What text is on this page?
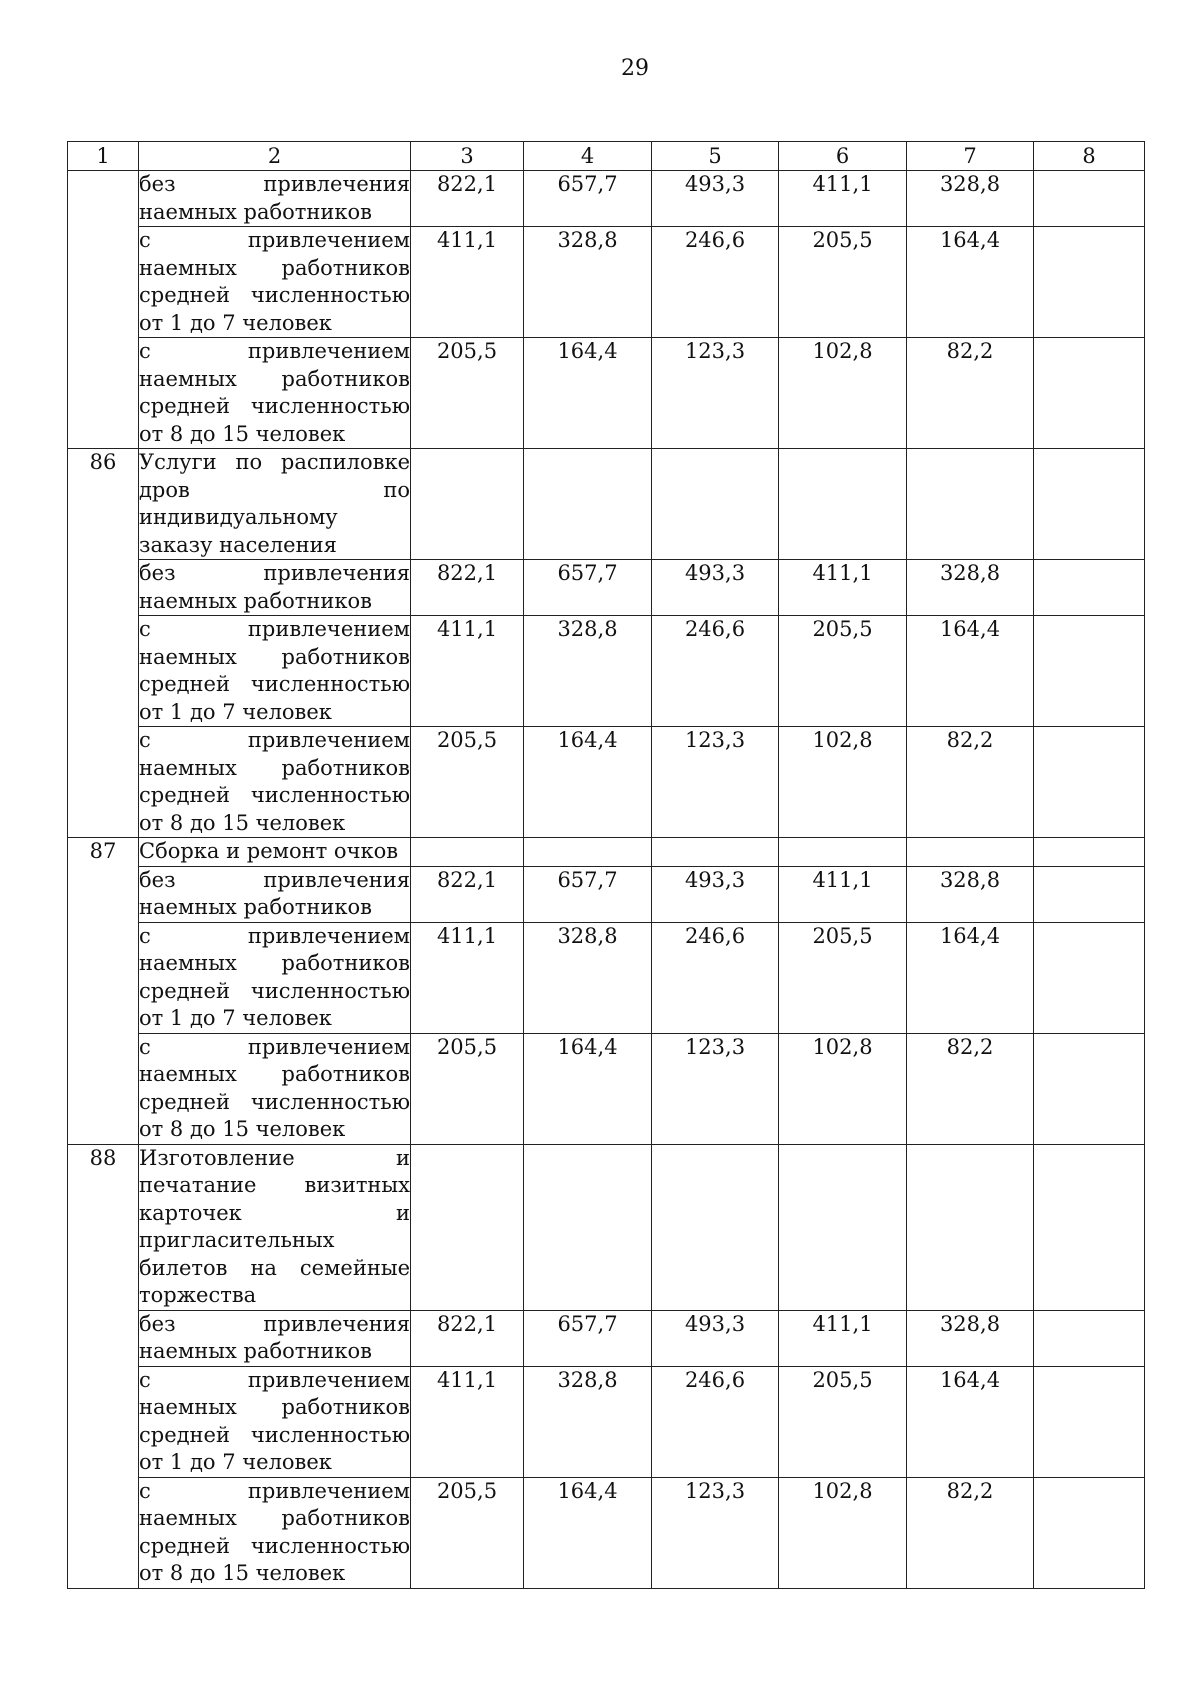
29
1	2	3	4	5	6	7	8
	без привлечения наемных работников	822,1	657,7	493,3	411,1	328,8	
	с привлечением наемных работников средней численностью от 1 до 7 человек	411,1	328,8	246,6	205,5	164,4	
	с привлечением наемных работников средней численностью от 8 до 15 человек	205,5	164,4	123,3	102,8	82,2	
86	Услуги по распиловке дров по индивидуальному заказу населения						
	без привлечения наемных работников	822,1	657,7	493,3	411,1	328,8	
	с привлечением наемных работников средней численностью от 1 до 7 человек	411,1	328,8	246,6	205,5	164,4	
	с привлечением наемных работников средней численностью от 8 до 15 человек	205,5	164,4	123,3	102,8	82,2	
87	Сборка и ремонт очков						
	без привлечения наемных работников	822,1	657,7	493,3	411,1	328,8	
	с привлечением наемных работников средней численностью от 1 до 7 человек	411,1	328,8	246,6	205,5	164,4	
	с привлечением наемных работников средней численностью от 8 до 15 человек	205,5	164,4	123,3	102,8	82,2	
88	Изготовление и печатание визитных карточек и пригласительных билетов на семейные торжества						
	без привлечения наемных работников	822,1	657,7	493,3	411,1	328,8	
	с привлечением наемных работников средней численностью от 1 до 7 человек	411,1	328,8	246,6	205,5	164,4	
	с привлечением наемных работников средней численностью от 8 до 15 человек	205,5	164,4	123,3	102,8	82,2	
